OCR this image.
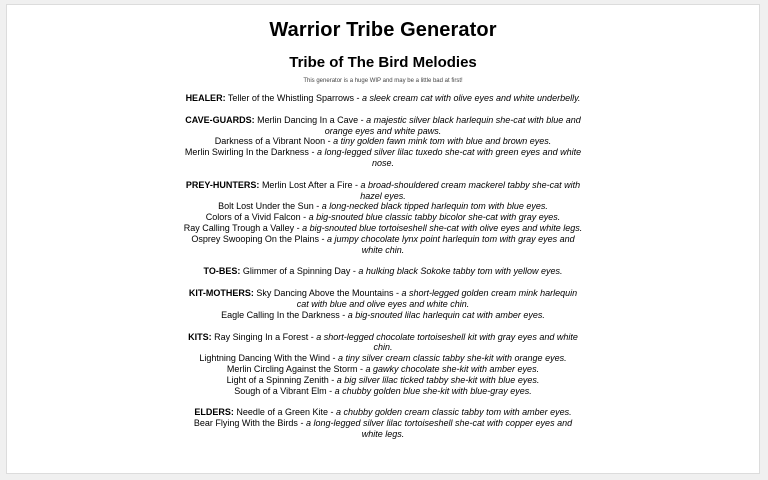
Warrior Tribe Generator
Tribe of The Bird Melodies

This generator is a huge WIP and may be a little bad at first!

HEALER: Teller of the Whistling Sparrows - a sleek cream cat with olive eyes and white underbelly.
CAVE-GUARDS: Merlin Dancing In a Cave - a majestic silver black harlequin she-cat with blue and orange eyes and white paws.
Darkness of a Vibrant Noon - a tiny golden fawn mink tom with blue and brown eyes.
Merlin Swirling In the Darkness - a long-legged silver lilac tuxedo she-cat with green eyes and white nose.
PREY-HUNTERS: Merlin Lost After a Fire - a broad-shouldered cream mackerel tabby she-cat with hazel eyes.
Bolt Lost Under the Sun - a long-necked black tipped harlequin tom with blue eyes.
Colors of a Vivid Falcon - a big-snouted blue classic tabby bicolor she-cat with gray eyes.
Ray Calling Trough a Valley - a big-snouted blue tortoiseshell she-cat with olive eyes and white legs.
Osprey Swooping On the Plains - a jumpy chocolate lynx point harlequin tom with gray eyes and white chin.
TO-BES: Glimmer of a Spinning Day - a hulking black Sokoke tabby tom with yellow eyes.
KIT-MOTHERS: Sky Dancing Above the Mountains - a short-legged golden cream mink harlequin cat with blue and olive eyes and white chin.
Eagle Calling In the Darkness - a big-snouted lilac harlequin cat with amber eyes.
KITS: Ray Singing In a Forest - a short-legged chocolate tortoiseshell kit with gray eyes and white chin.
Lightning Dancing With the Wind - a tiny silver cream classic tabby she-kit with orange eyes.
Merlin Circling Against the Storm - a gawky chocolate she-kit with amber eyes.
Light of a Spinning Zenith - a big silver lilac ticked tabby she-kit with blue eyes.
Sough of a Vibrant Elm - a chubby golden blue she-kit with blue-gray eyes.
ELDERS: Needle of a Green Kite - a chubby golden cream classic tabby tom with amber eyes.
Bear Flying With the Birds - a long-legged silver lilac tortoiseshell she-cat with copper eyes and white legs.
